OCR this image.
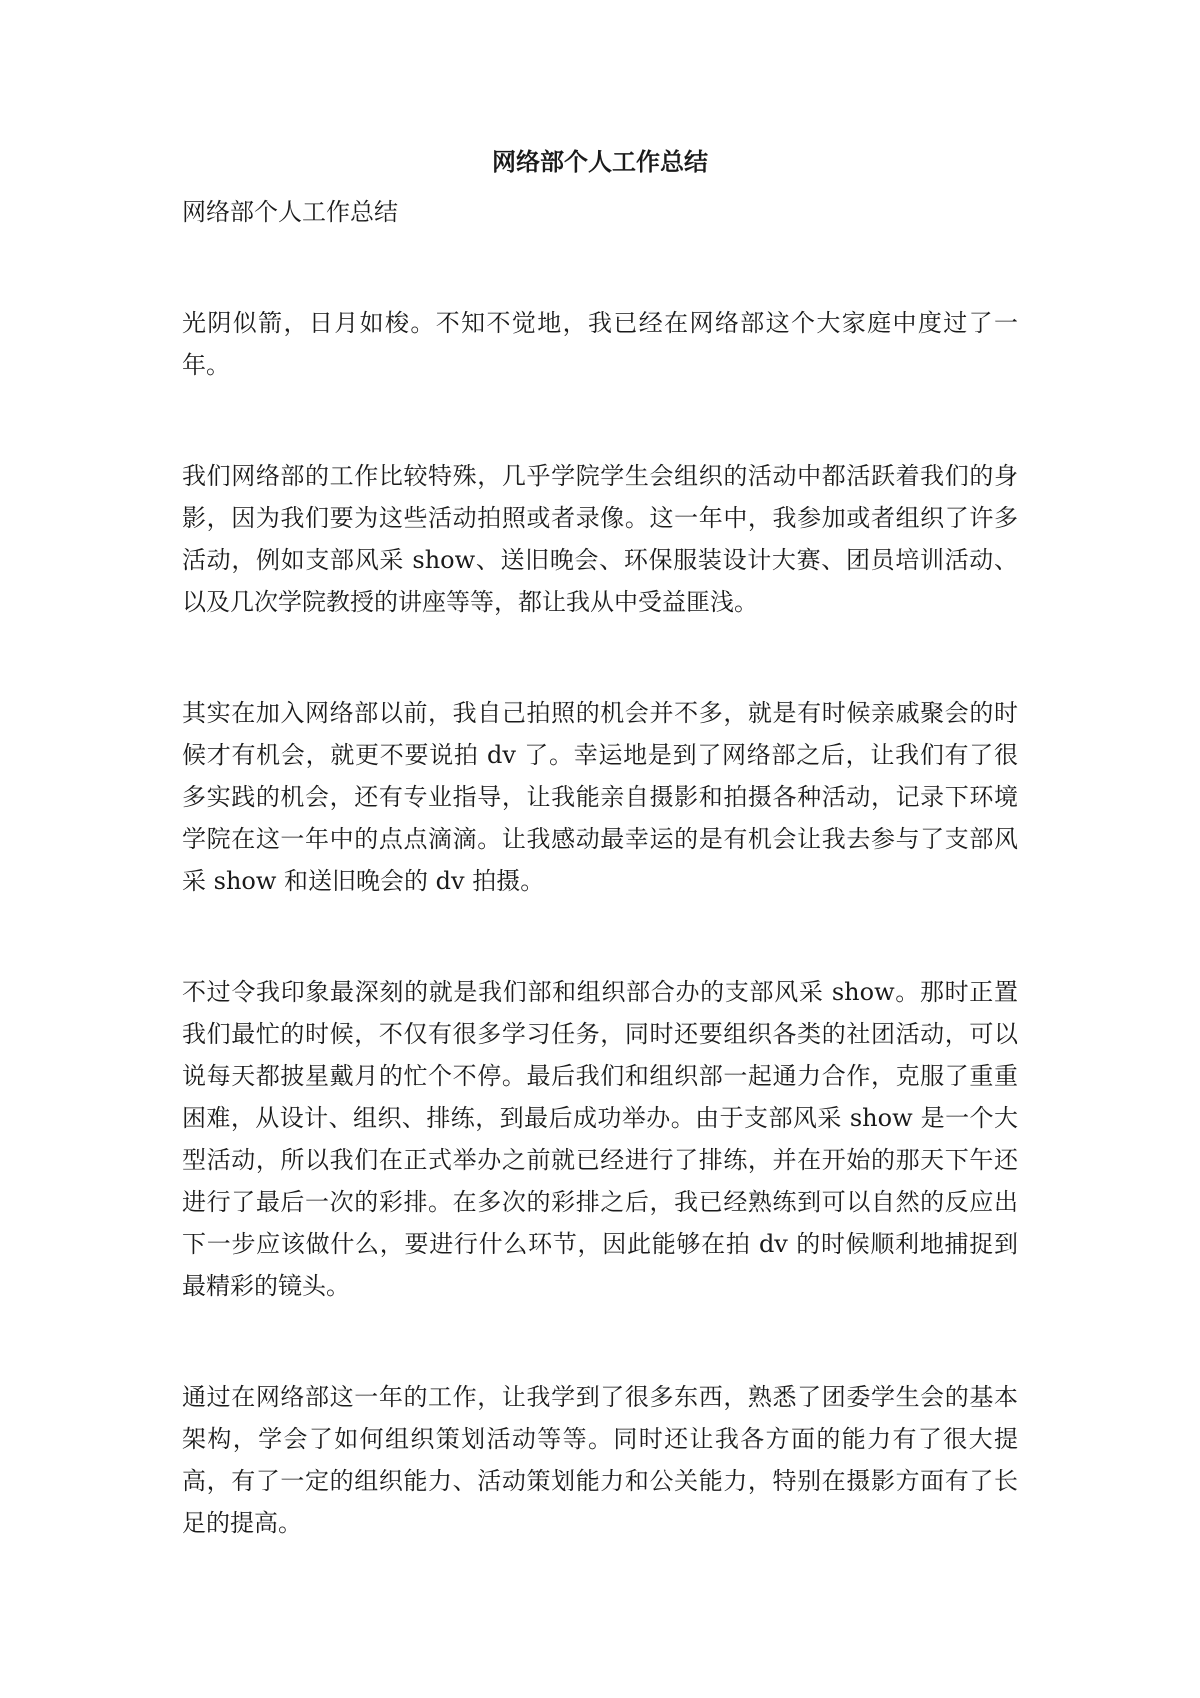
网络部个人工作总结

网络部个人工作总结

光阴似箭，日月如梭。不知不觉地，我已经在网络部这个大家庭中度过了一年。

我们网络部的工作比较特殊，几乎学院学生会组织的活动中都活跃着我们的身影，因为我们要为这些活动拍照或者录像。这一年中，我参加或者组织了许多活动，例如支部风采 show、送旧晚会、环保服装设计大赛、团员培训活动、以及几次学院教授的讲座等等，都让我从中受益匪浅。

其实在加入网络部以前，我自己拍照的机会并不多，就是有时候亲戚聚会的时候才有机会，就更不要说拍 dv 了。幸运地是到了网络部之后，让我们有了很多实践的机会，还有专业指导，让我能亲自摄影和拍摄各种活动，记录下环境学院在这一年中的点点滴滴。让我感动最幸运的是有机会让我去参与了支部风采 show 和送旧晚会的 dv 拍摄。

不过令我印象最深刻的就是我们部和组织部合办的支部风采 show。那时正置我们最忙的时候，不仅有很多学习任务，同时还要组织各类的社团活动，可以说每天都披星戴月的忙个不停。最后我们和组织部一起通力合作，克服了重重困难，从设计、组织、排练，到最后成功举办。由于支部风采 show 是一个大型活动，所以我们在正式举办之前就已经进行了排练，并在开始的那天下午还进行了最后一次的彩排。在多次的彩排之后，我已经熟练到可以自然的反应出下一步应该做什么，要进行什么环节，因此能够在拍 dv 的时候顺利地捕捉到最精彩的镜头。

通过在网络部这一年的工作，让我学到了很多东西，熟悉了团委学生会的基本架构，学会了如何组织策划活动等等。同时还让我各方面的能力有了很大提高，有了一定的组织能力、活动策划能力和公关能力，特别在摄影方面有了长足的提高。
